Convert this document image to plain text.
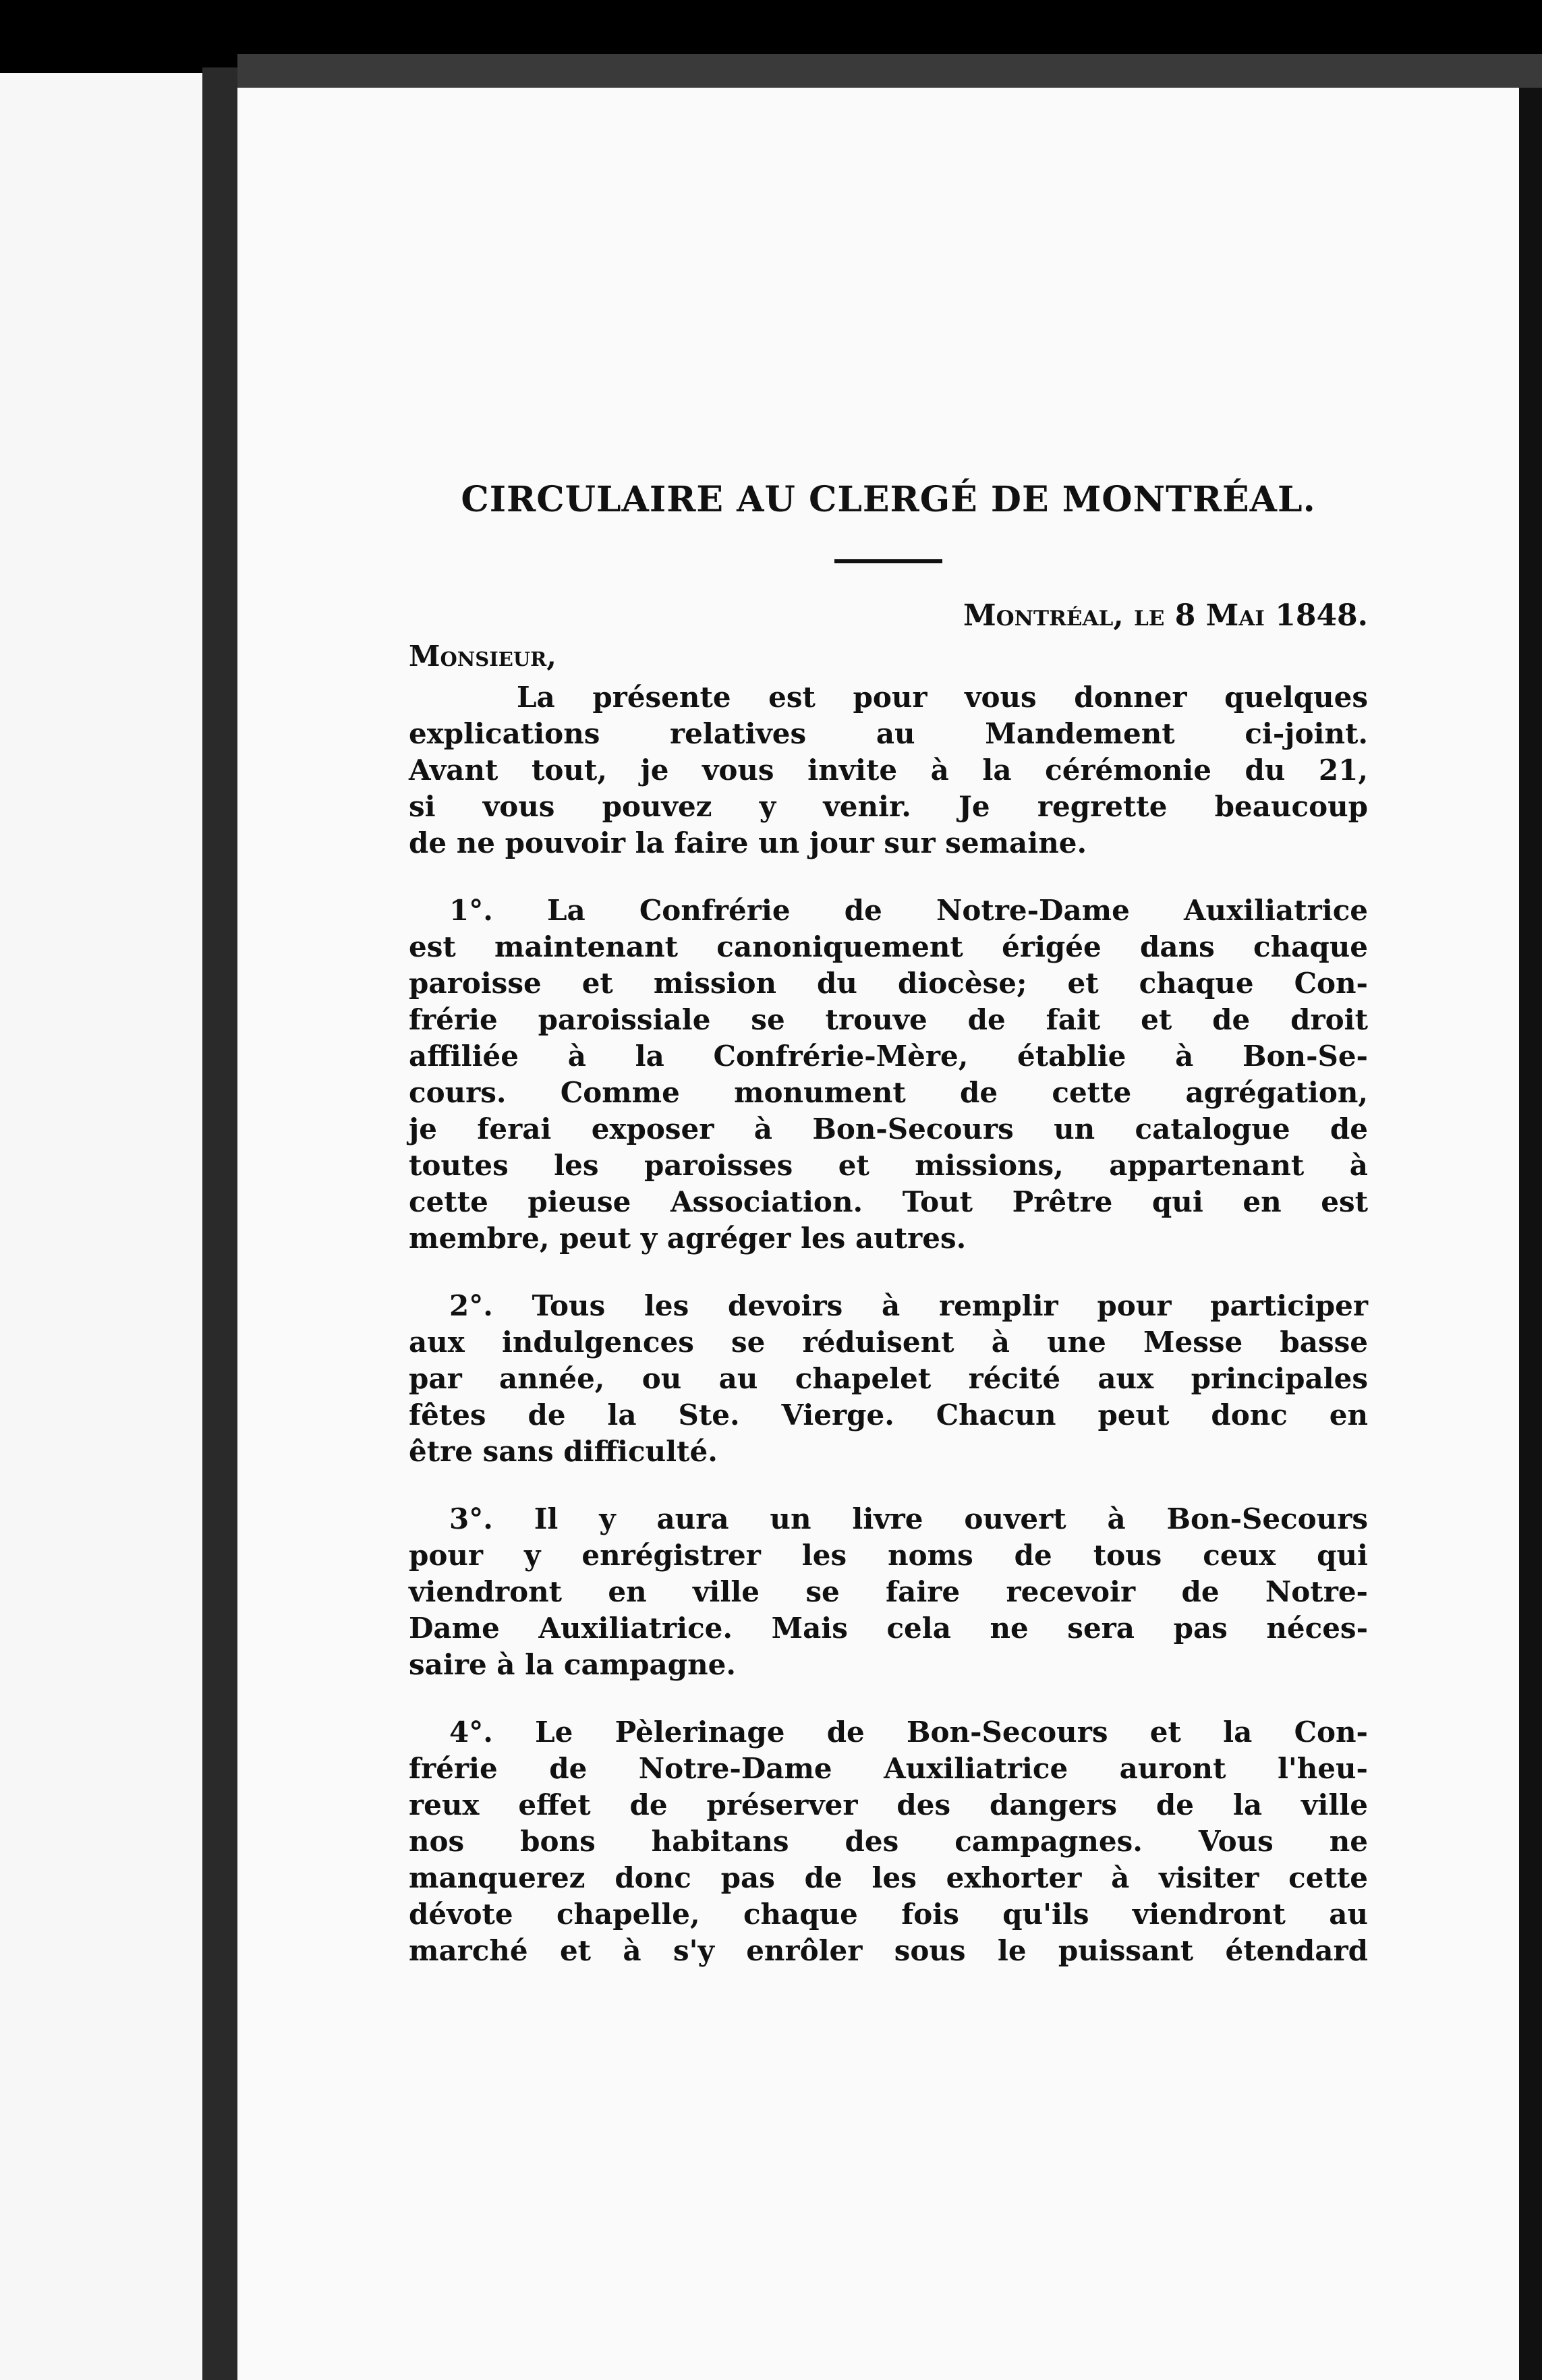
CIRCULAIRE AU CLERGÉ DE MONTRÉAL.
Montréal, le 8 Mai 1848.
Monsieur,

La présente est pour vous donner quelques
explications relatives au Mandement ci-joint.
Avant tout, je vous invite à la cérémonie du 21,
si vous pouvez y venir. Je regrette beaucoup
de ne pouvoir la faire un jour sur semaine.

1°. La Confrérie de Notre-Dame Auxiliatrice
est maintenant canoniquement érigée dans chaque
paroisse et mission du diocèse; et chaque Con-
frérie paroissiale se trouve de fait et de droit
affiliée à la Confrérie-Mère, établie à Bon-Se-
cours. Comme monument de cette agrégation,
je ferai exposer à Bon-Secours un catalogue de
toutes les paroisses et missions, appartenant à
cette pieuse Association. Tout Prêtre qui en est
membre, peut y agréger les autres.

2°. Tous les devoirs à remplir pour participer
aux indulgences se réduisent à une Messe basse
par année, ou au chapelet récité aux principales
fêtes de la Ste. Vierge. Chacun peut donc en
être sans difficulté.

3°. Il y aura un livre ouvert à Bon-Secours
pour y enrégistrer les noms de tous ceux qui
viendront en ville se faire recevoir de Notre-
Dame Auxiliatrice. Mais cela ne sera pas néces-
saire à la campagne.

4°. Le Pèlerinage de Bon-Secours et la Con-
frérie de Notre-Dame Auxiliatrice auront l'heu-
reux effet de préserver des dangers de la ville
nos bons habitans des campagnes. Vous ne
manquerez donc pas de les exhorter à visiter cette
dévote chapelle, chaque fois qu'ils viendront au
marché et à s'y enrôler sous le puissant étendard
